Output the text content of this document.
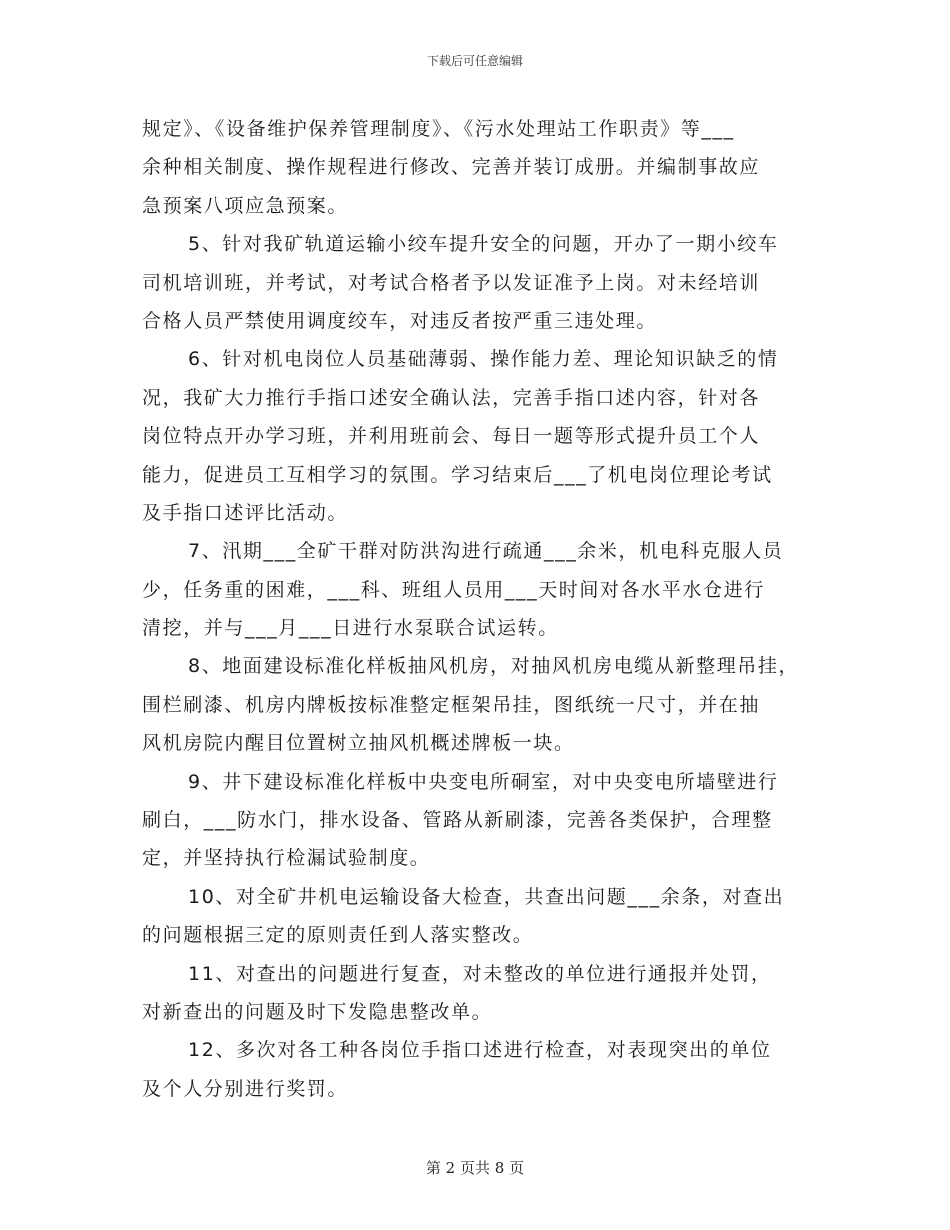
下载后可任意编辑
规定》、《设备维护保养管理制度》、《污水处理站工作职责》等___
余种相关制度、操作规程进行修改、完善并装订成册。并编制事故应
急预案八项应急预案。
5、针对我矿轨道运输小绞车提升安全的问题，开办了一期小绞车
司机培训班，并考试，对考试合格者予以发证准予上岗。对未经培训
合格人员严禁使用调度绞车，对违反者按严重三违处理。
6、针对机电岗位人员基础薄弱、操作能力差、理论知识缺乏的情
况，我矿大力推行手指口述安全确认法，完善手指口述内容，针对各
岗位特点开办学习班，并利用班前会、每日一题等形式提升员工个人
能力，促进员工互相学习的氛围。学习结束后___了机电岗位理论考试
及手指口述评比活动。
7、汛期___全矿干群对防洪沟进行疏通___余米，机电科克服人员
少，任务重的困难，___科、班组人员用___天时间对各水平水仓进行
清挖，并与___月___日进行水泵联合试运转。
8、地面建设标准化样板抽风机房，对抽风机房电缆从新整理吊挂，
围栏刷漆、机房内牌板按标准整定框架吊挂，图纸统一尺寸，并在抽
风机房院内醒目位置树立抽风机概述牌板一块。
9、井下建设标准化样板中央变电所硐室，对中央变电所墙壁进行
刷白，___防水门，排水设备、管路从新刷漆，完善各类保护，合理整
定，并坚持执行检漏试验制度。
10、对全矿井机电运输设备大检查，共查出问题___余条，对查出
的问题根据三定的原则责任到人落实整改。
11、对查出的问题进行复查，对未整改的单位进行通报并处罚，
对新查出的问题及时下发隐患整改单。
12、多次对各工种各岗位手指口述进行检查，对表现突出的单位
及个人分别进行奖罚。
第 2 页共 8 页
